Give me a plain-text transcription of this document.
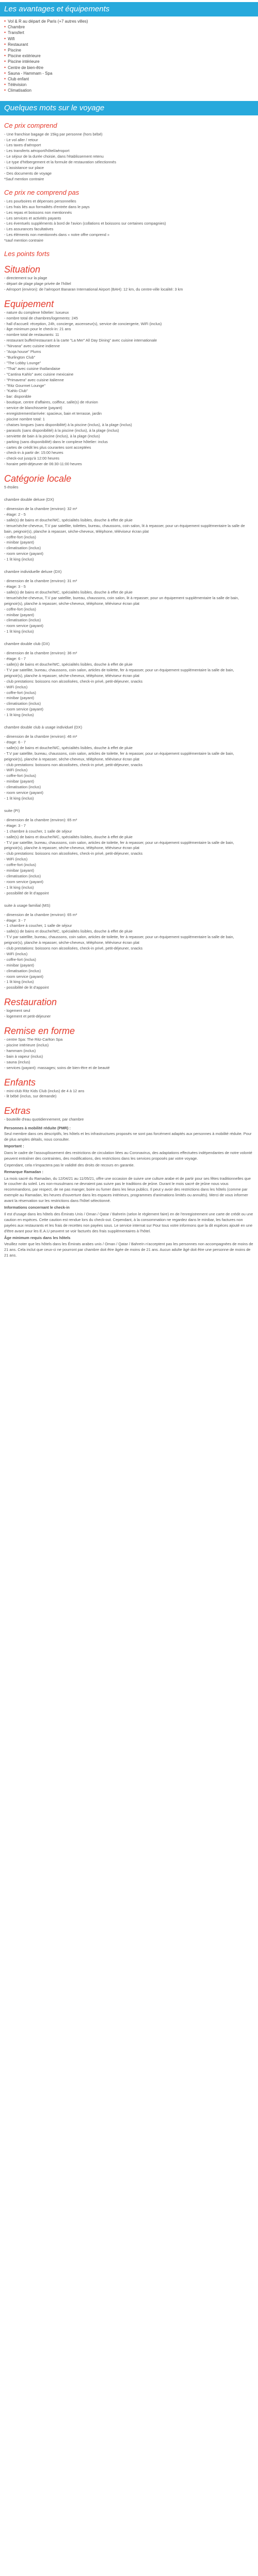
Les avantages et équipements
• Vol & R au départ de Paris (+7 autres villes)
• Chambre
• Transfert
• Wifi
• Restaurant
• Piscine
• Piscine extérieure
• Piscine intérieure
• Centre de bien-être
• Sauna - Hammam - Spa
• Club enfant
• Télévision
• Climatisation
Quelques mots sur le voyage
Ce prix comprend
- Une franchise bagage de 15kg par personne (hors bébé)
- Le vol aller / retour
- Les taxes d'aéroport
- Les transferts aéroport/hôtel/aéroport
- Le séjour de la durée choisie, dans l'établissement retenu
- Le type d'hébergement et la formule de restauration sélectionnés
- L'assistance sur place
- Des documents de voyage
*Sauf mention contraire
Ce prix ne comprend pas
- Les pourboires et dépenses personnelles
- Les frais liés aux formalités d'entrée dans le pays
- Les repas et boissons non mentionnés
- Les services et activités payants
- Les éventuels suppléments à bord de l'avion (collations et boissons sur certaines compagnies)
- Les assurances facultatives
- Les éléments non mentionnés dans « notre offre comprend »
*sauf mention contraire
Les points forts
Situation
- directement sur la plage
- départ de plage plage privée de l'hôtel
- Aéroport (environ): de l'aéroport Banaran International Airport (BAH): 12 km, du centre-ville localité: 3 km
Equipement
- nature du complexe hôtelier: luxueux
- nombre total de chambres/logements: 245
- hall d'accueil: réception, 24h, concierge, ascenseur(s), service de conciergerie, WiFi (inclus)
- âge minimum pour le check-in: 21 ans
- nombre total de restaurants: 11
- restaurant buffet/restaurant à la carte "La Mer" All Day Dining" avec cuisine internationale
- "Nirvana" avec cuisine indienne
- "Acqa house" Plums
- "Burlington Club"
- "The Lobby Lounge"
- "Thai" avec cuisine thaïlandaise
- "Cantina Kahlo" avec cuisine mexicaine
- "Primavera" avec cuisine italienne
- "Ritz Gourmet Lounge"
- "Kahlo Club"
- bar: disponible
- boutique, centre d'affaires, coiffeur, salle(s) de réunion
- service de blanchisserie (payant)
- enregistrement/arrivée: spacieux, bain et terrasse, jardin
- piscine nombre total: 1
- chaises longues (sans disponibilité) à la piscine (inclus), à la plage (inclus)
- parasols (sans disponibilité) à la piscine (inclus), à la plage (inclus)
- serviette de bain à la piscine (inclus), à la plage (inclus)
- parking (sans disponibilité) dans le complexe hôtelier: inclus
- cartes de crédit les plus courantes sont acceptées
- check-in à partir de: 15:00 heures
- check-out jusqu'à 12:00 heures
- horaire petit-déjeuner de 06:30-11:00 heures
Catégorie locale
5 étoiles
chambre double deluxe (DX)
- dimension de la chambre (environ): 32 m²
- étage: 2 - 5
- salle(s) de bains et douche/WC, spécialités lisibles, douche à effet de pluie
- tenue/sèche-cheveux, T.V par satellite, toilettes, bureau, chaussons, coin salon, lit à repasser, pour un équipement supplémentaire la salle de bain, peignoir(s), planche à repasser, sèche-cheveux, téléphone, téléviseur écran plat
- coffre-fort (inclus)
- minibar (payant)
- climatisation (inclus)
- room service (payant)
- 1 lit king (inclus)
chambre individuelle deluxe (DX)
- dimension de la chambre (environ): 31 m²
- étage: 3 - 5
- salle(s) de bains et douche/WC, spécialités lisibles, douche à effet de pluie
- tenue/sèche-cheveux, T.V par satellite, bureau, chaussons, coin salon, lit à repasser, pour un équipement supplémentaire la salle de bain, peignoir(s), planche à repasser, sèche-cheveux, téléphone, téléviseur écran plat
- coffre-fort (inclus)
- minibar (payant)
- climatisation (inclus)
- room service (payant)
- 1 lit king (inclus)
chambre double club (DX)
- dimension de la chambre (environ): 36 m²
- étage: 6 - 7
- salle(s) de bains et douche/WC, spécialités lisibles, douche à effet de pluie
- T.V par satellite, bureau, chaussons, coin salon, articles de toilette, fer à repasser, pour un équipement supplémentaire la salle de bain, peignoir(s), planche à repasser, sèche-cheveux, téléphone, téléviseur écran plat
- club prestations: boissons non alcoolisées, check-in privé, petit-déjeuner, snacks
- WiFi (inclus)
- coffre-fort (inclus)
- minibar (payant)
- climatisation (inclus)
- room service (payant)
- 1 lit king (inclus)
chambre double club à usage individuel (DX)
- dimension de la chambre (environ): 46 m²
- étage: 6 - 7
- salle(s) de bains et douche/WC, spécialités lisibles, douche à effet de pluie
- T.V par satellite, bureau, chaussons, coin salon, articles de toilette, fer à repasser, pour un équipement supplémentaire la salle de bain, peignoir(s), planche à repasser, sèche-cheveux, téléphone, téléviseur écran plat
- club prestations: boissons non alcoolisées, check-in privé, petit-déjeuner, snacks
- WiFi (inclus)
- coffre-fort (inclus)
- minibar (payant)
- climatisation (inclus)
- room service (payant)
- 1 lit king (inclus)
suite (PI)
- dimension de la chambre (environ): 65 m²
- étage: 3 - 7
- 1 chambre à coucher, 1 salle de séjour
- salle(s) de bains et douche/WC, spécialités lisibles, douche à effet de pluie
- T.V par satellite, bureau, chaussons, coin salon, articles de toilette, fer à repasser, pour un équipement supplémentaire la salle de bain, peignoir(s), planche à repasser, sèche-cheveux, téléphone, téléviseur écran plat
- club prestations: boissons non alcoolisées, check-in privé, petit-déjeuner, snacks
- WiFi (inclus)
- coffre-fort (inclus)
- minibar (payant)
- climatisation (inclus)
- room service (payant)
- 1 lit king (inclus)
- possibilité de lit d'appoint
suite à usage familial (MS)
- dimension de la chambre (environ): 65 m²
- étage: 3 - 7
- 1 chambre à coucher, 1 salle de séjour
- salle(s) de bains et douche/WC, spécialités lisibles, douche à effet de pluie
- T.V par satellite, bureau, chaussons, coin salon, articles de toilette, fer à repasser, pour un équipement supplémentaire la salle de bain, peignoir(s), planche à repasser, sèche-cheveux, téléphone, téléviseur écran plat
- club prestations: boissons non alcoolisées, check-in privé, petit-déjeuner, snacks
- WiFi (inclus)
- coffre-fort (inclus)
- minibar (payant)
- climatisation (inclus)
- room service (payant)
- 1 lit king (inclus)
- possibilité de lit d'appoint
Restauration
- logement seul
- logement et petit-déjeuner
Remise en forme
- centre Spa: The Ritz-Carlton Spa
- piscine intérieure (inclus)
- hammam (inclus)
- bain à vapeur (inclus)
- sauna (inclus)
- services (payant): massages; soins de bien-être et de beauté
Enfants
- mini-club Ritz Kids Club (inclus) de 4 à 12 ans
- lit bébé (inclus, sur demande)
Extras
- bouteille d'eau quotidiennement, par chambre
Personnes à mobilité réduite (PMR) :
Seul membre dans ces descriptifs, les hôtels et les infrastructures proposés ne sont pas forcément adaptés aux personnes à mobilité réduite. Pour de plus amples détails, nous consulter.
Important :
Dans le cadre de l'assouplissement des restrictions de circulation liées au Coronavirus, des adaptations effectuées indépendantes de notre volonté peuvent entraîner des contraintes, des modifications, des restrictions dans les services proposés par votre voyage.
Cependant, cela n'impactera pas le validité des droits de recours en garantie.
Remarque Ramadan :
La mois sacré du Ramadan, du 12/04/21 au 11/05/21, offre une occasion de suivre une culture arabe et de partir pour ses fêtes traditionnelles que le coucher du soleil. Les non-musulmans ne devraient pas suivre pas le traditions de jeûne. Durant le mois sacré de jeûne nous vous recommandons, par respect, de ne pas manger, boire ou fumer dans les lieux publics. Il peut y avoir des restrictions dans les hôtels (comme par exemple au Ramadan, les heures d'ouverture dans les espaces intérieurs, programmes d'animations limités ou annulés). Merci de vous informer avant la réservation sur les restrictions dans l'hôtel sélectionné.
Informations concernant le check-in
Il est d'usage dans les hôtels des Émirats Unis / Oman / Qatar / Bahreïn (selon le règlement faire) en de l'enregistrement une carte de crédit ou une caution en espèces. Cette caution est rendue lors du check-out. Cependant, à la consommation ne regardez dans le minibar, les factures non payées aux restaurants et les frais de recettes non payées sous. Le service internat sur Pour tous votre informons que la dit espèces ajouté en une d'être avant pour les E.A.U peuvent se voir facturés des frais supplémentaires à l'hôtel.
Âge minimum requis dans les hôtels
Veuillez noter que les hôtels dans les Émirats arabes unis / Oman / Qatar / Bahreïn n'acceptent pas les personnes non accompagnées de moins de 21 ans. Cela inclut que ceux-ci ne pourront par chambre doit être âgée de moins de 21 ans. Aucun adulte âgé doit être une personne de moins de 21 ans.
